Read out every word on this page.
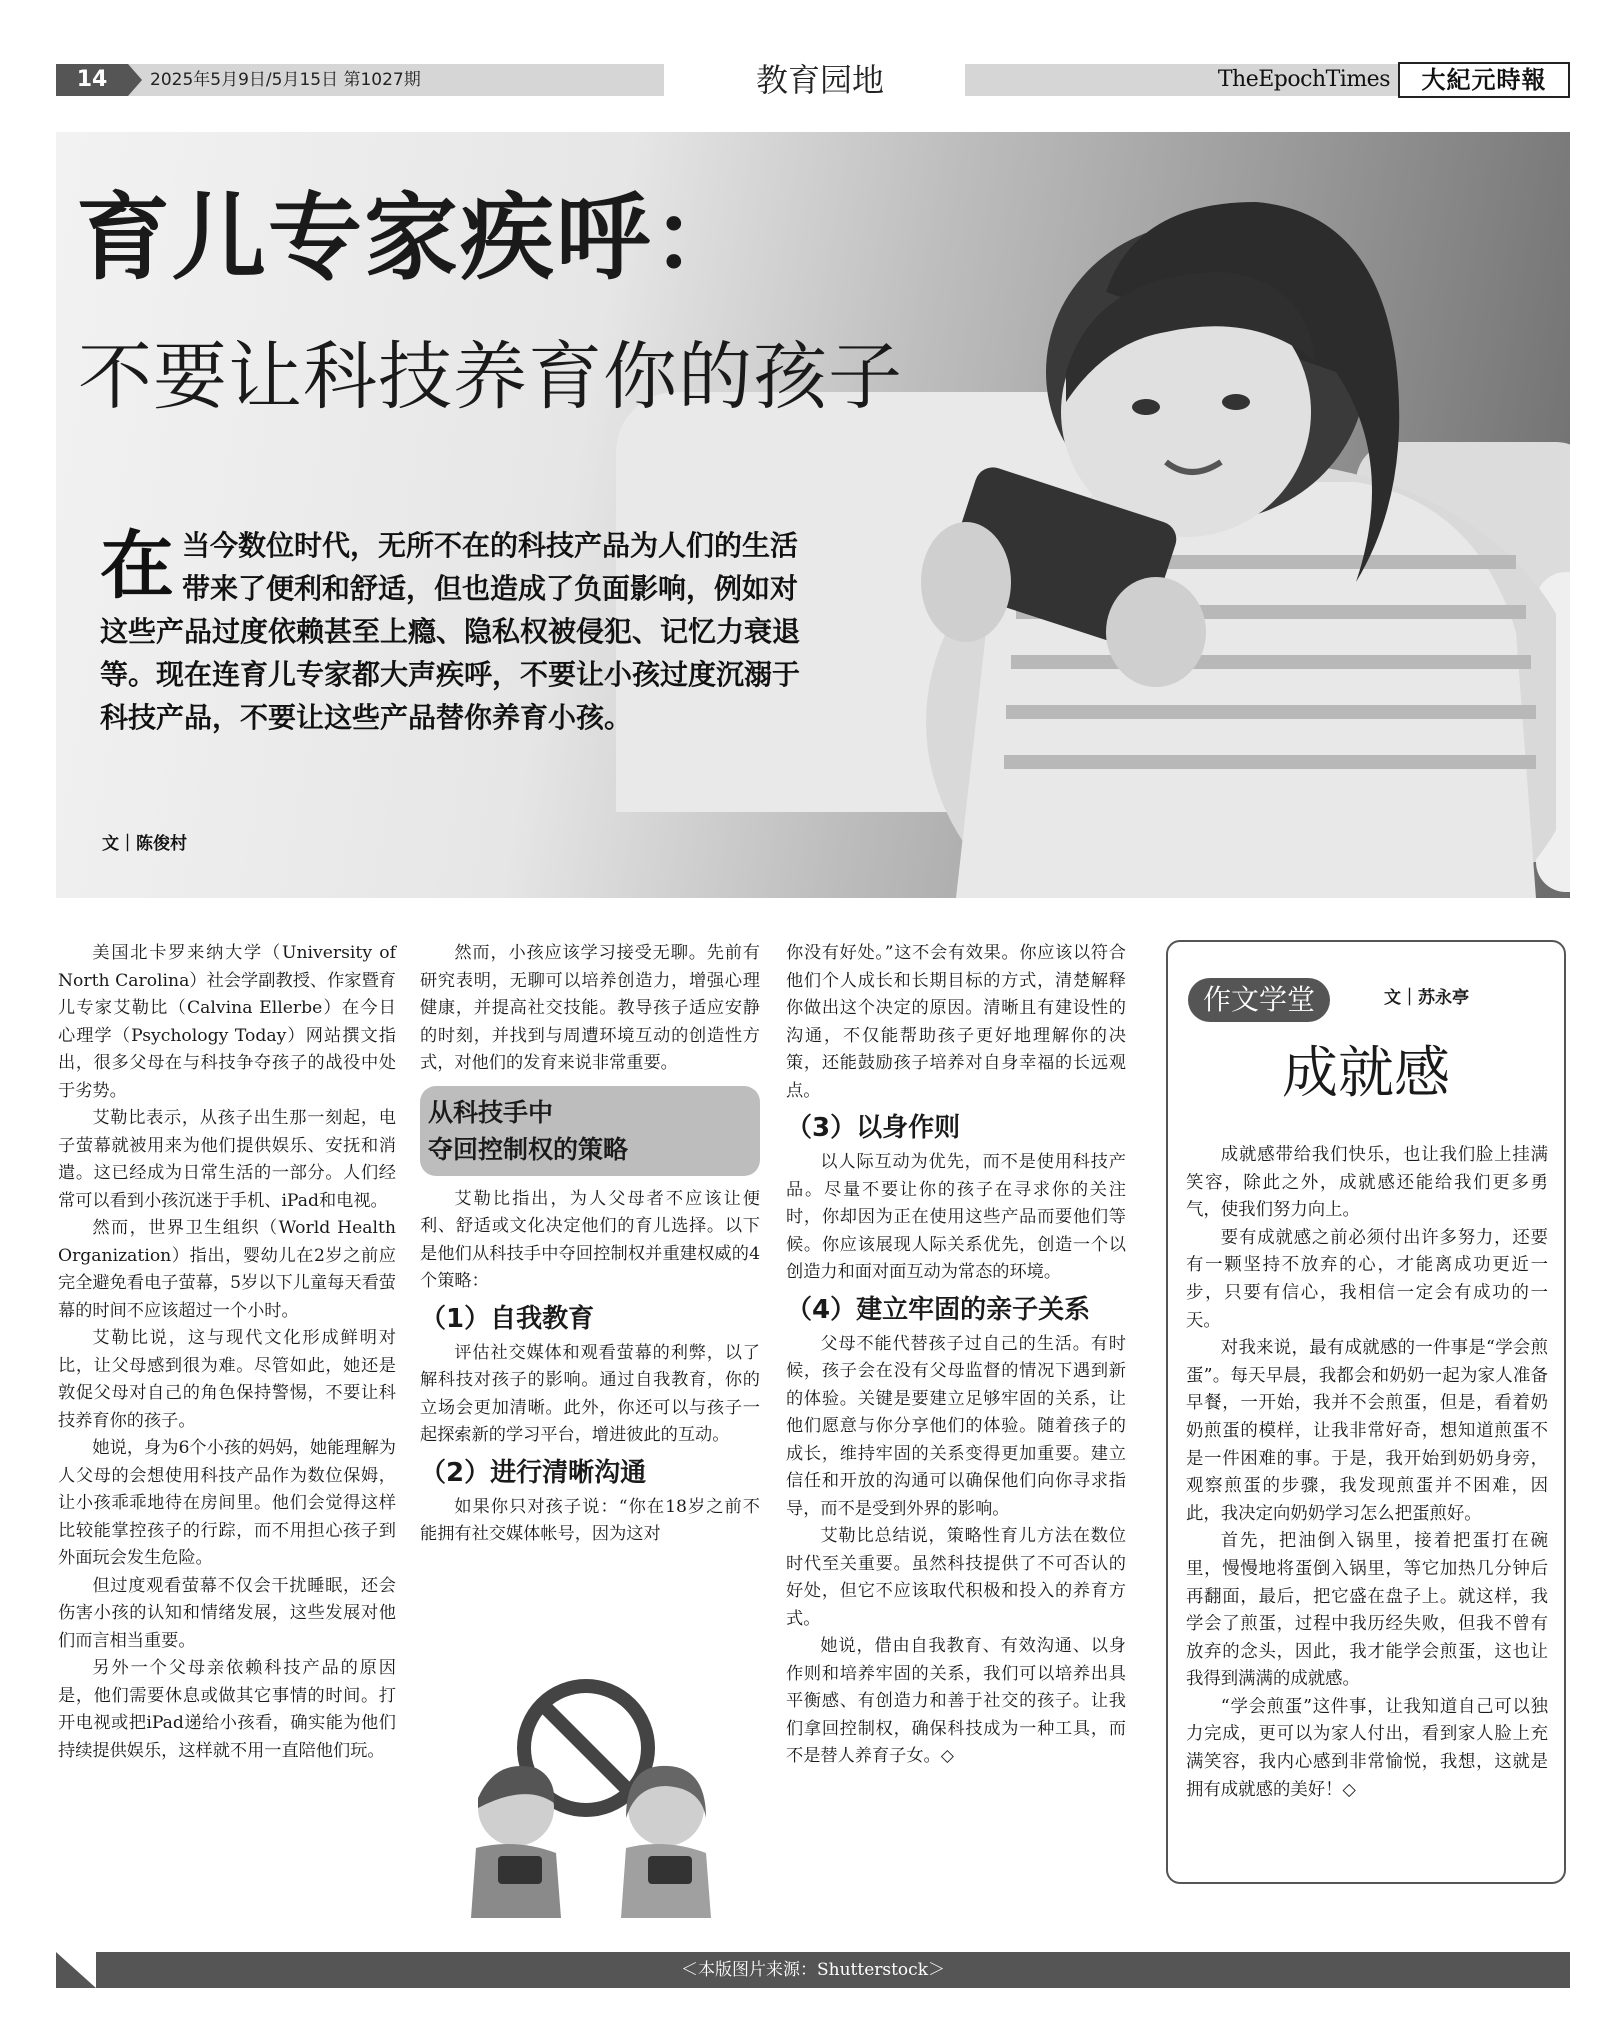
14	2025年5月9日/5月15日 第1027期	教育园地	TheEpochTimes	大紀元時報
育儿专家疾呼：
不要让科技养育你的孩子
在当今数位时代，无所不在的科技产品为人们的生活带来了便利和舒适，但也造成了负面影响，例如对这些产品过度依赖甚至上瘾、隐私权被侵犯、记忆力衰退等。现在连育儿专家都大声疾呼，不要让小孩过度沉溺于科技产品，不要让这些产品替你养育小孩。
文｜陈俊村

美国北卡罗来纳大学（University of North Carolina）社会学副教授、作家暨育儿专家艾勒比（Calvina Ellerbe）在今日心理学（Psychology Today）网站撰文指出，很多父母在与科技争夺孩子的战役中处于劣势。

艾勒比表示，从孩子出生那一刻起，电子萤幕就被用来为他们提供娱乐、安抚和消遣。这已经成为日常生活的一部分。人们经常可以看到小孩沉迷于手机、iPad和电视。

然而，世界卫生组织（World Health Organization）指出，婴幼儿在2岁之前应完全避免看电子萤幕，5岁以下儿童每天看萤幕的时间不应该超过一个小时。

艾勒比说，这与现代文化形成鲜明对比，让父母感到很为难。尽管如此，她还是敦促父母对自己的角色保持警惕，不要让科技养育你的孩子。

她说，身为6个小孩的妈妈，她能理解为人父母的会想使用科技产品作为数位保姆，让小孩乖乖地待在房间里。他们会觉得这样比较能掌控孩子的行踪，而不用担心孩子到外面玩会发生危险。

但过度观看萤幕不仅会干扰睡眠，还会伤害小孩的认知和情绪发展，这些发展对他们而言相当重要。

另外一个父母亲依赖科技产品的原因是，他们需要休息或做其它事情的时间。打开电视或把iPad递给小孩看，确实能为他们持续提供娱乐，这样就不用一直陪他们玩。

然而，小孩应该学习接受无聊。先前有研究表明，无聊可以培养创造力，增强心理健康，并提高社交技能。教导孩子适应安静的时刻，并找到与周遭环境互动的创造性方式，对他们的发育来说非常重要。

从科技手中
夺回控制权的策略

艾勒比指出，为人父母者不应该让便利、舒适或文化决定他们的育儿选择。以下是他们从科技手中夺回控制权并重建权威的4个策略：

（1）自我教育

评估社交媒体和观看萤幕的利弊，以了解科技对孩子的影响。通过自我教育，你的立场会更加清晰。此外，你还可以与孩子一起探索新的学习平台，增进彼此的互动。

（2）进行清晰沟通

如果你只对孩子说：“你在18岁之前不能拥有社交媒体帐号，因为这对

你没有好处。”这不会有效果。你应该以符合他们个人成长和长期目标的方式，清楚解释你做出这个决定的原因。清晰且有建设性的沟通，不仅能帮助孩子更好地理解你的决策，还能鼓励孩子培养对自身幸福的长远观点。

（3）以身作则

以人际互动为优先，而不是使用科技产品。尽量不要让你的孩子在寻求你的关注时，你却因为正在使用这些产品而要他们等候。你应该展现人际关系优先，创造一个以创造力和面对面互动为常态的环境。

（4）建立牢固的亲子关系

父母不能代替孩子过自己的生活。有时候，孩子会在没有父母监督的情况下遇到新的体验。关键是要建立足够牢固的关系，让他们愿意与你分享他们的体验。随着孩子的成长，维持牢固的关系变得更加重要。建立信任和开放的沟通可以确保他们向你寻求指导，而不是受到外界的影响。

艾勒比总结说，策略性育儿方法在数位时代至关重要。虽然科技提供了不可否认的好处，但它不应该取代积极和投入的养育方式。

她说，借由自我教育、有效沟通、以身作则和培养牢固的关系，我们可以培养出具平衡感、有创造力和善于社交的孩子。让我们拿回控制权，确保科技成为一种工具，而不是替人养育子女。◇

作文学堂	文｜苏永亭
成就感

成就感带给我们快乐，也让我们脸上挂满笑容，除此之外，成就感还能给我们更多勇气，使我们努力向上。

要有成就感之前必须付出许多努力，还要有一颗坚持不放弃的心，才能离成功更近一步，只要有信心，我相信一定会有成功的一天。

对我来说，最有成就感的一件事是“学会煎蛋”。每天早晨，我都会和奶奶一起为家人准备早餐，一开始，我并不会煎蛋，但是，看着奶奶煎蛋的模样，让我非常好奇，想知道煎蛋不是一件困难的事。于是，我开始到奶奶身旁，观察煎蛋的步骤，我发现煎蛋并不困难，因此，我决定向奶奶学习怎么把蛋煎好。

首先，把油倒入锅里，接着把蛋打在碗里，慢慢地将蛋倒入锅里，等它加热几分钟后再翻面，最后，把它盛在盘子上。就这样，我学会了煎蛋，过程中我历经失败，但我不曾有放弃的念头，因此，我才能学会煎蛋，这也让我得到满满的成就感。

“学会煎蛋”这件事，让我知道自己可以独力完成，更可以为家人付出，看到家人脸上充满笑容，我内心感到非常愉悦，我想，这就是拥有成就感的美好！◇

＜本版图片来源：Shutterstock＞
